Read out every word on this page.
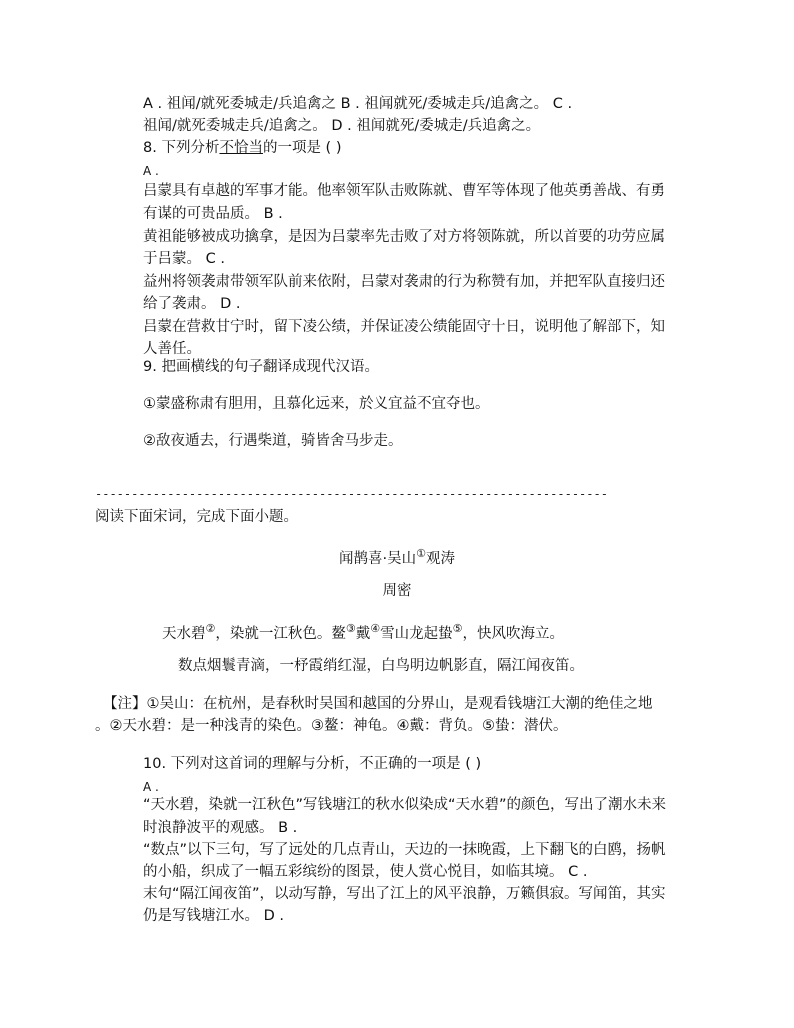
A . 祖闻/就死委城走/兵追禽之 B . 祖闻就死/委城走兵/追禽之。 C .
祖闻/就死委城走兵/追禽之。 D . 祖闻就死/委城走/兵追禽之。
8. 下列分析不恰当的一项是 ( )
A .
吕蒙具有卓越的军事才能。他率领军队击败陈就、曹军等体现了他英勇善战、有勇
有谋的可贵品质。 B .
黄祖能够被成功擒拿，是因为吕蒙率先击败了对方将领陈就，所以首要的功劳应属
于吕蒙。 C .
益州将领袭肃带领军队前来依附，吕蒙对袭肃的行为称赞有加，并把军队直接归还
给了袭肃。 D .
吕蒙在营救甘宁时，留下凌公绩，并保证凌公绩能固守十日，说明他了解部下，知
人善任。
9. 把画横线的句子翻译成现代汉语。
①蒙盛称肃有胆用，且慕化远来，於义宜益不宜夺也。
②敌夜遁去，行遇柴道，骑皆舍马步走。
-----------------------------------------------------------------------
阅读下面宋词，完成下面小题。
闻鹊喜·吴山①观涛
周密
天水碧②，染就一江秋色。鳌③戴④雪山龙起蛰⑤，快风吹海立。
数点烟鬟青滴，一杼霞绡红湿，白鸟明边帆影直，隔江闻夜笛。
【注】①吴山：在杭州，是春秋时吴国和越国的分界山，是观看钱塘江大潮的绝佳之地
。②天水碧：是一种浅青的染色。③鳌：神龟。④戴：背负。⑤蛰：潜伏。
10. 下列对这首词的理解与分析，不正确的一项是 ( )
A .
“天水碧，染就一江秋色”写钱塘江的秋水似染成“天水碧”的颜色，写出了潮水未来
时浪静波平的观感。 B .
“数点”以下三句，写了远处的几点青山，天边的一抹晚霞，上下翻飞的白鸥，扬帆
的小船，织成了一幅五彩缤纷的图景，使人赏心悦目，如临其境。 C .
末句“隔江闻夜笛”，以动写静，写出了江上的风平浪静，万籁俱寂。写闻笛，其实
仍是写钱塘江水。 D .
